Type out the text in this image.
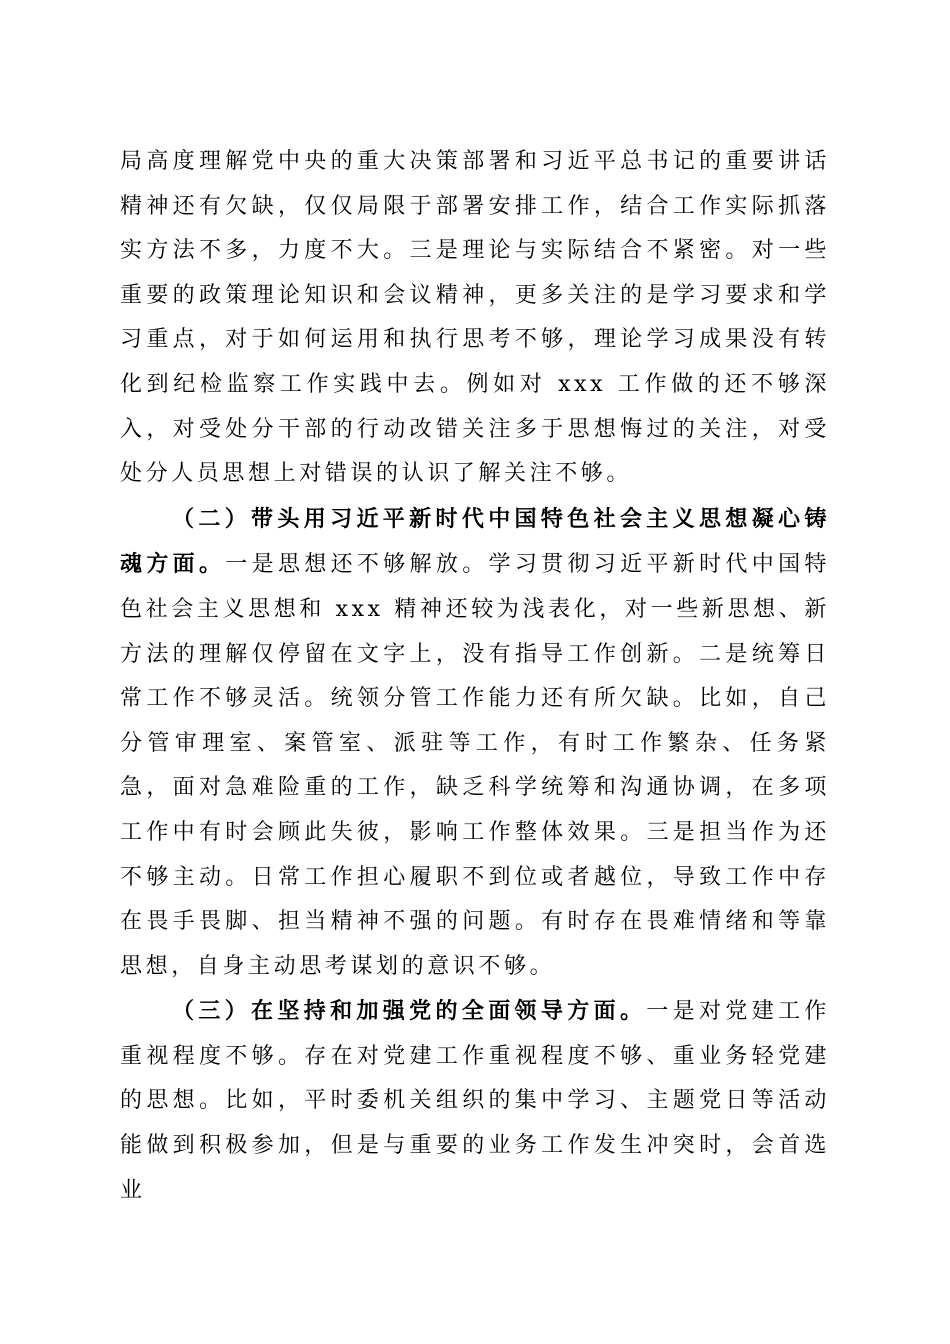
局高度理解党中央的重大决策部署和习近平总书记的重要讲话精神还有欠缺，仅仅局限于部署安排工作，结合工作实际抓落实方法不多，力度不大。三是理论与实际结合不紧密。对一些重要的政策理论知识和会议精神，更多关注的是学习要求和学习重点，对于如何运用和执行思考不够，理论学习成果没有转化到纪检监察工作实践中去。例如对 xxx 工作做的还不够深入，对受处分干部的行动改错关注多于思想悔过的关注，对受处分人员思想上对错误的认识了解关注不够。

（二）带头用习近平新时代中国特色社会主义思想凝心铸魂方面。一是思想还不够解放。学习贯彻习近平新时代中国特色社会主义思想和 xxx 精神还较为浅表化，对一些新思想、新方法的理解仅停留在文字上，没有指导工作创新。二是统筹日常工作不够灵活。统领分管工作能力还有所欠缺。比如，自己分管审理室、案管室、派驻等工作，有时工作繁杂、任务紧急，面对急难险重的工作，缺乏科学统筹和沟通协调，在多项工作中有时会顾此失彼，影响工作整体效果。三是担当作为还不够主动。日常工作担心履职不到位或者越位，导致工作中存在畏手畏脚、担当精神不强的问题。有时存在畏难情绪和等靠思想，自身主动思考谋划的意识不够。

（三）在坚持和加强党的全面领导方面。一是对党建工作重视程度不够。存在对党建工作重视程度不够、重业务轻党建的思想。比如，平时委机关组织的集中学习、主题党日等活动能做到积极参加，但是与重要的业务工作发生冲突时，会首选业
